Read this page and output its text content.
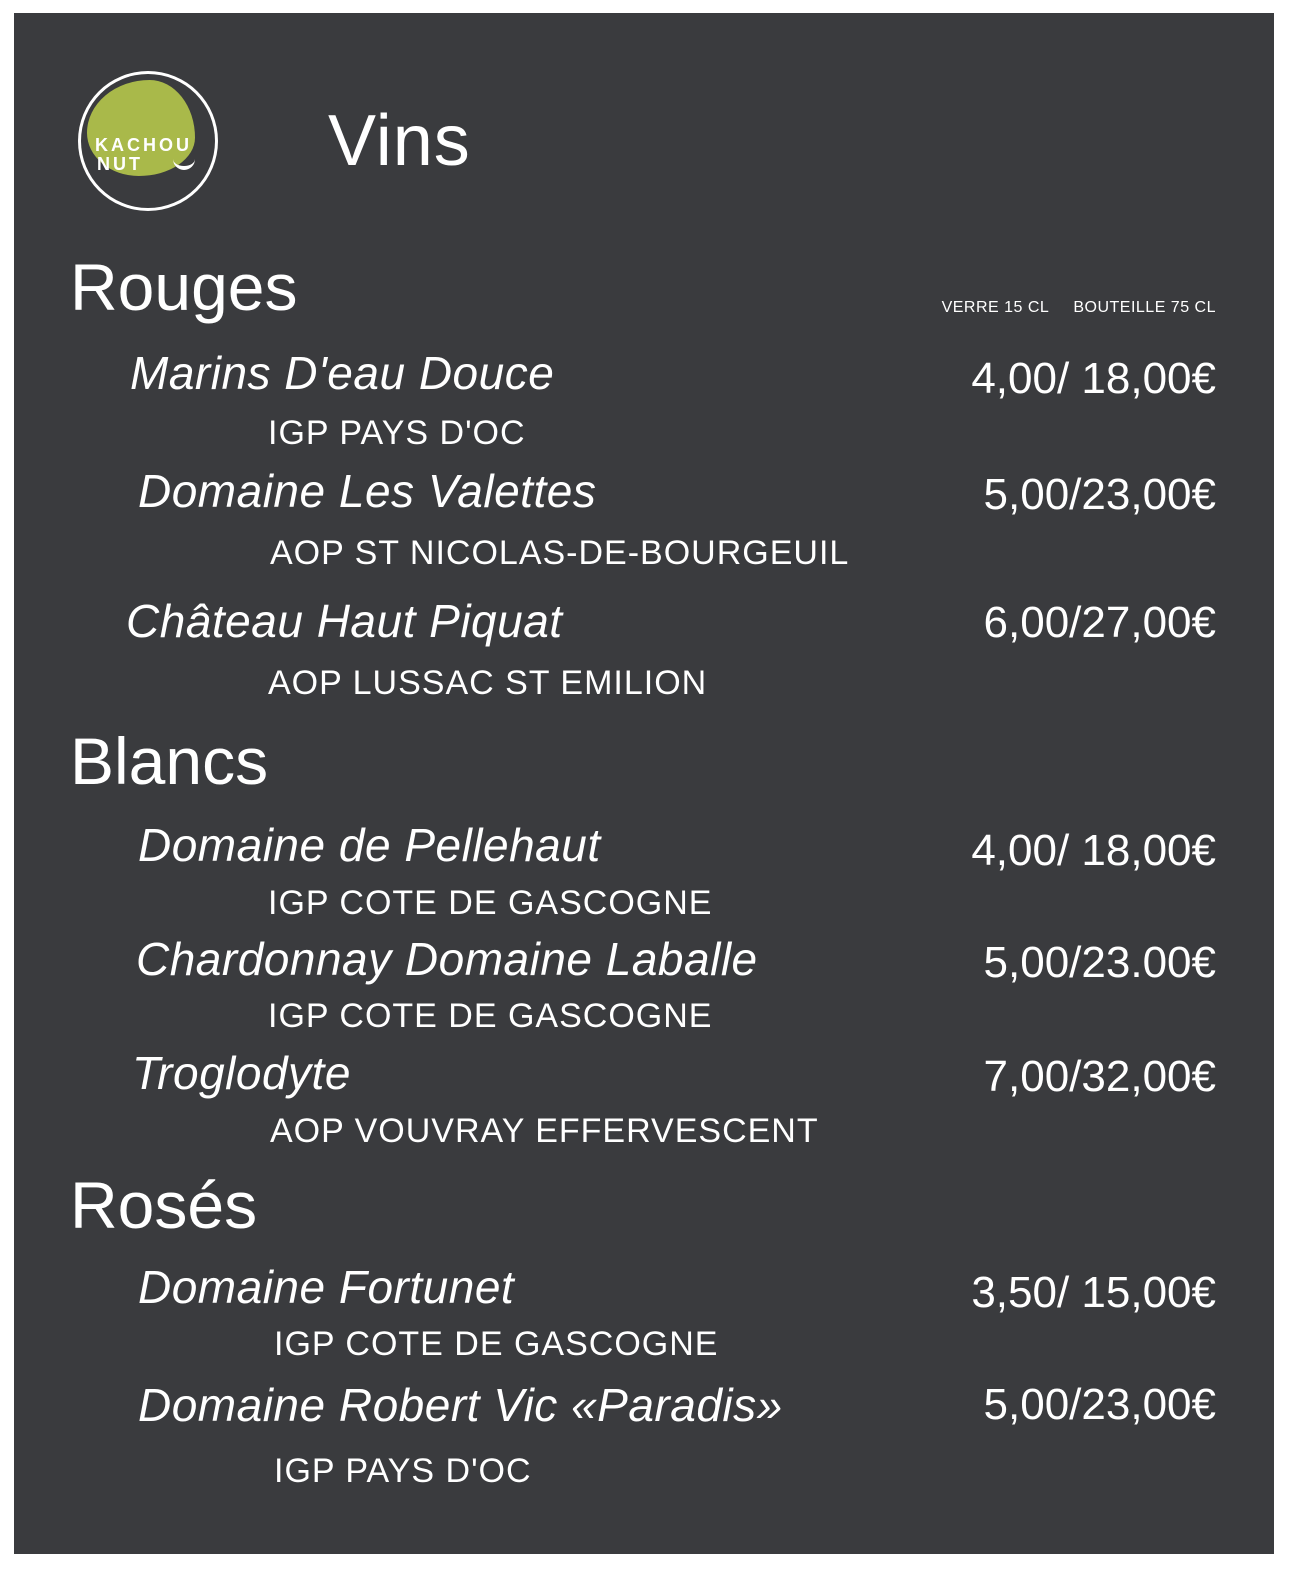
KACHOU
NUT	Vins
VERRE 15 CL BOUTEILLE 75 CL
Rouges
Marins D'eau Douce	4,00/ 18,00€
IGP PAYS D'OC
Domaine Les Valettes	5,00/23,00€
AOP ST NICOLAS-DE-BOURGEUIL
Château Haut Piquat	6,00/27,00€
AOP LUSSAC ST EMILION
Blancs
Domaine de Pellehaut	4,00/ 18,00€
IGP COTE DE GASCOGNE
Chardonnay Domaine Laballe	5,00/23.00€
IGP COTE DE GASCOGNE
Troglodyte	7,00/32,00€
AOP VOUVRAY EFFERVESCENT
Rosés
Domaine Fortunet	3,50/ 15,00€
IGP COTE DE GASCOGNE
Domaine Robert Vic «Paradis»	5,00/23,00€
IGP PAYS D'OC
